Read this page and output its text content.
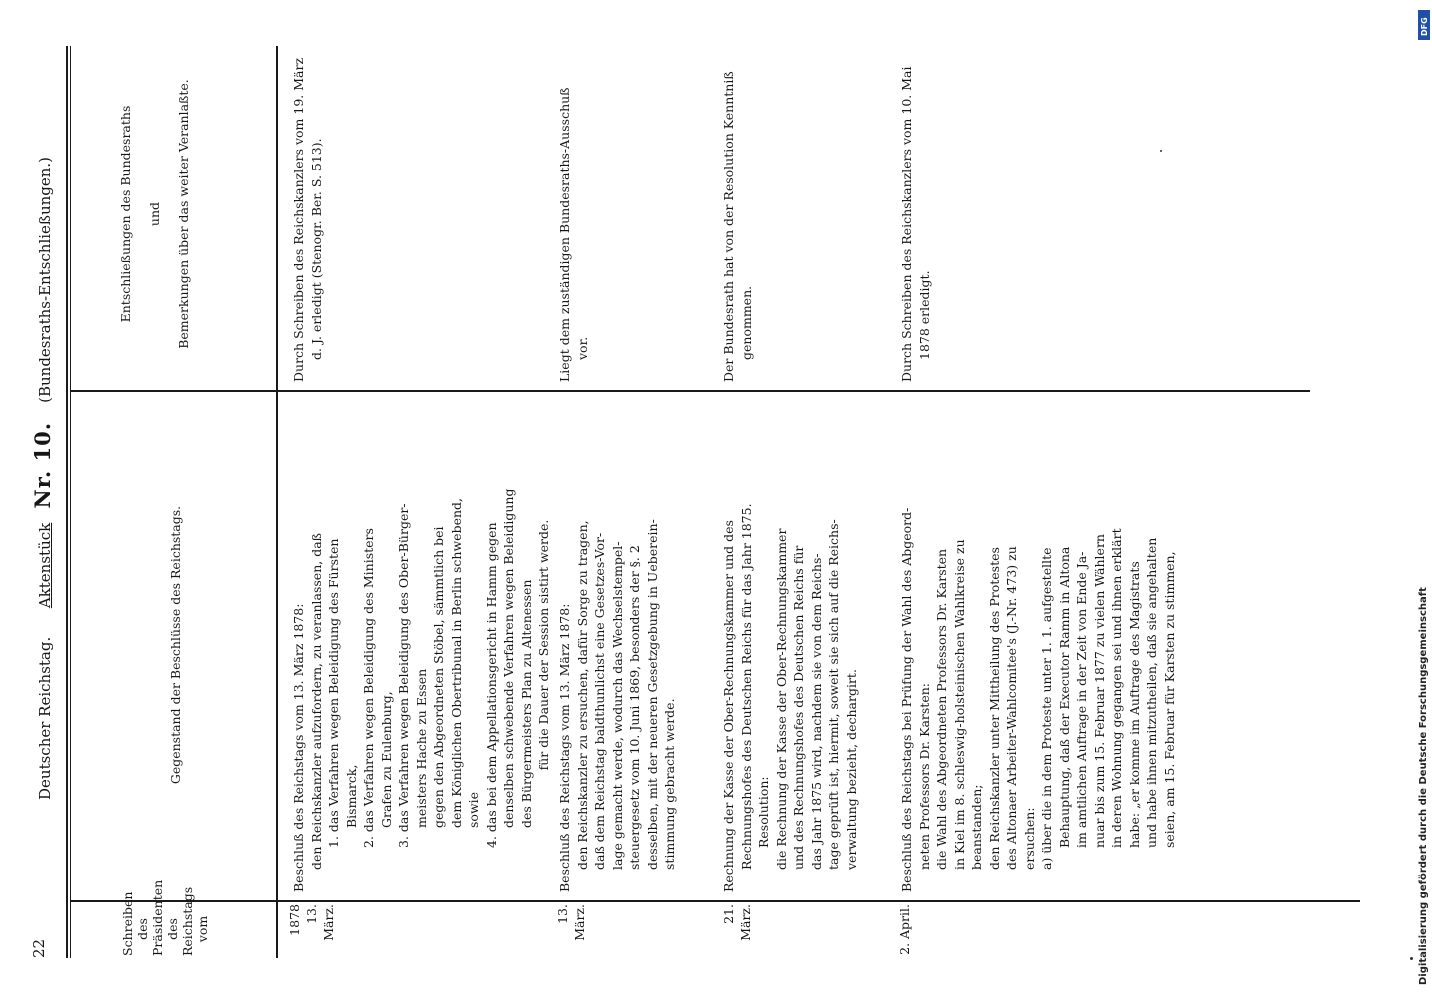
22
Deutscher Reichstag.      Aktenstück   Nr. 10.    (Bundesraths-Entschließungen.)
Schreiben des Präsidenten des Reichstags vom
Gegenstand der Beschlüsse des Reichstags.
Entschließungen des Bundesraths und Bemerkungen über das weiter Veranlaßte.
1878 13. März.
Beschluß des Reichstags vom 13. März 1878: den Reichskanzler aufzufordern, zu veranlassen, daß 1. das Verfahren wegen Beleidigung des Fürsten Bismarck, 2. das Verfahren wegen Beleidigung des Ministers Grafen zu Eulenburg, 3. das Verfahren wegen Beleidigung des Ober-Bürger- meisters Hache zu Essen gegen den Abgeordneten Stöbel, sämmtlich bei dem Königlichen Obertribunal in Berlin schwebend, sowie 4. das bei dem Appellationsgericht in Hamm gegen denselben schwebende Verfahren wegen Beleidigung des Bürgermeisters Plan zu Altenessen für die Dauer der Session sistirt werde.
Durch Schreiben des Reichskanzlers vom 19. März d. J. erledigt (Stenogr. Ber. S. 513).
13. März.
Beschluß des Reichstags vom 13. März 1878: den Reichskanzler zu ersuchen, dafür Sorge zu tragen, daß dem Reichstag baldthunlichst eine Gesetzes-Vor- lage gemacht werde, wodurch das Wechselstempel- steuergesetz vom 10. Juni 1869, besonders der §. 2 desselben, mit der neueren Gesetzgebung in Ueberein- stimmung gebracht werde.
Liegt dem zuständigen Bundesraths-Ausschuß vor.
21. März.
Rechnung der Kasse der Ober-Rechnungskammer und des Rechnungshofes des Deutschen Reichs für das Jahr 1875. Resolution: die Rechnung der Kasse der Ober-Rechnungskammer und des Rechnungshofes des Deutschen Reichs für das Jahr 1875 wird, nachdem sie von dem Reichs- tage geprüft ist, hiermit, soweit sie sich auf die Reichs- verwaltung bezieht, dechargirt.
Der Bundesrath hat von der Resolution Kenntniß genommen.
2. April.
Beschluß des Reichstags bei Prüfung der Wahl des Abgeord- neten Professors Dr. Karsten: die Wahl des Abgeordneten Professors Dr. Karsten in Kiel im 8. schleswig-holsteinischen Wahlkreise zu beanstanden; den Reichskanzler unter Mittheilung des Protestes des Altonaer Arbeiter-Wahlcomitee's (J.-Nr. 473) zu ersuchen: a) über die in dem Proteste unter 1. 1. aufgestellte Behauptung, daß der Executor Ramm in Altona im amtlichen Auftrage in der Zeit von Ende Ja- nuar bis zum 15. Februar 1877 zu vielen Wählern in deren Wohnung gegangen sei und ihnen erklärt habe: „er komme im Auftrage des Magistrats und habe ihnen mitzutheilen, daß sie angehalten seien, am 15. Februar für Karsten zu stimmen,
Durch Schreiben des Reichskanzlers vom 10. Mai 1878 erledigt.
DFG
Digitalisierung gefördert durch die Deutsche Forschungsgemeinschaft
